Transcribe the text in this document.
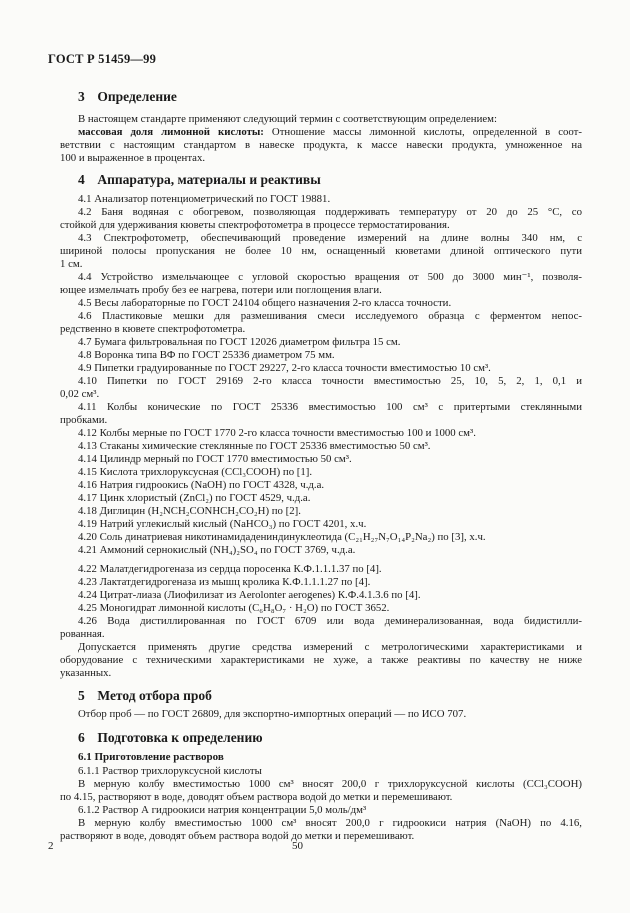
ГОСТ Р 51459—99
3 Определение
В настоящем стандарте применяют следующий термин с соответствующим определением:
массовая доля лимонной кислоты: Отношение массы лимонной кислоты, определенной в соот-
ветствии с настоящим стандартом в навеске продукта, к массе навески продукта, умноженное на
100 и выраженное в процентах.
4 Аппаратура, материалы и реактивы
4.1 Анализатор потенциометрический по ГОСТ 19881.
4.2 Баня водяная с обогревом, позволяющая поддерживать температуру от 20 до 25 °С, со
стойкой для удерживания кюветы спектрофотометра в процессе термостатирования.
4.3 Спектрофотометр, обеспечивающий проведение измерений на длине волны 340 нм, с
шириной полосы пропускания не более 10 нм, оснащенный кюветами длиной оптического пути
1 см.
4.4 Устройство измельчающее с угловой скоростью вращения от 500 до 3000 мин⁻¹, позволя-
ющее измельчать пробу без ее нагрева, потери или поглощения влаги.
4.5 Весы лабораторные по ГОСТ 24104 общего назначения 2-го класса точности.
4.6 Пластиковые мешки для размешивания смеси исследуемого образца с ферментом непос-
редственно в кювете спектрофотометра.
4.7 Бумага фильтровальная по ГОСТ 12026 диаметром фильтра 15 см.
4.8 Воронка типа ВФ по ГОСТ 25336 диаметром 75 мм.
4.9 Пипетки градуированные по ГОСТ 29227, 2-го класса точности вместимостью 10 см³.
4.10 Пипетки по ГОСТ 29169 2-го класса точности вместимостью 25, 10, 5, 2, 1, 0,1 и
0,02 см³.
4.11 Колбы конические по ГОСТ 25336 вместимостью 100 см³ с притертыми стеклянными
пробками.
4.12 Колбы мерные по ГОСТ 1770 2-го класса точности вместимостью 100 и 1000 см³.
4.13 Стаканы химические стеклянные по ГОСТ 25336 вместимостью 50 см³.
4.14 Цилиндр мерный по ГОСТ 1770 вместимостью 50 см³.
4.15 Кислота трихлоруксусная (CCl₃COOH) по [1].
4.16 Натрия гидроокись (NaOH) по ГОСТ 4328, ч.д.а.
4.17 Цинк хлористый (ZnCl₂) по ГОСТ 4529, ч.д.а.
4.18 Диглицин (H₂NCH₂CONHCH₂CO₂H) по [2].
4.19 Натрий углекислый кислый (NaHCO₃) по ГОСТ 4201, х.ч.
4.20 Соль динатриевая никотинамидадениндинуклеотида (C₂₁H₂₇N₇O₁₄P₂Na₂) по [3], х.ч.
4.21 Аммоний сернокислый (NH₄)₂SO₄ по ГОСТ 3769, ч.д.а.
4.22 Малатдегидрогеназа из сердца поросенка К.Ф.1.1.1.37 по [4].
4.23 Лактатдегидрогеназа из мышц кролика К.Ф.1.1.1.27 по [4].
4.24 Цитрат-лиаза (Лиофилизат из Aerolonter aerogenes) К.Ф.4.1.3.6 по [4].
4.25 Моногидрат лимонной кислоты (C₆H₈O₇ · H₂O) по ГОСТ 3652.
4.26 Вода дистиллированная по ГОСТ 6709 или вода деминерализованная, вода бидистилли-
рованная.
Допускается применять другие средства измерений с метрологическими характеристиками и
оборудование с техническими характеристиками не хуже, а также реактивы по качеству не ниже
указанных.
5 Метод отбора проб
Отбор проб — по ГОСТ 26809, для экспортно-импортных операций — по ИСО 707.
6 Подготовка к определению
6.1 Приготовление растворов
6.1.1 Раствор трихлоруксусной кислоты
В мерную колбу вместимостью 1000 см³ вносят 200,0 г трихлоруксусной кислоты (CCl₃COOH)
по 4.15, растворяют в воде, доводят объем раствора водой до метки и перемешивают.
6.1.2 Раствор А гидроокиси натрия концентрации 5,0 моль/дм³
В мерную колбу вместимостью 1000 см³ вносят 200,0 г гидроокиси натрия (NaOH) по 4.16,
растворяют в воде, доводят объем раствора водой до метки и перемешивают.
2	50
